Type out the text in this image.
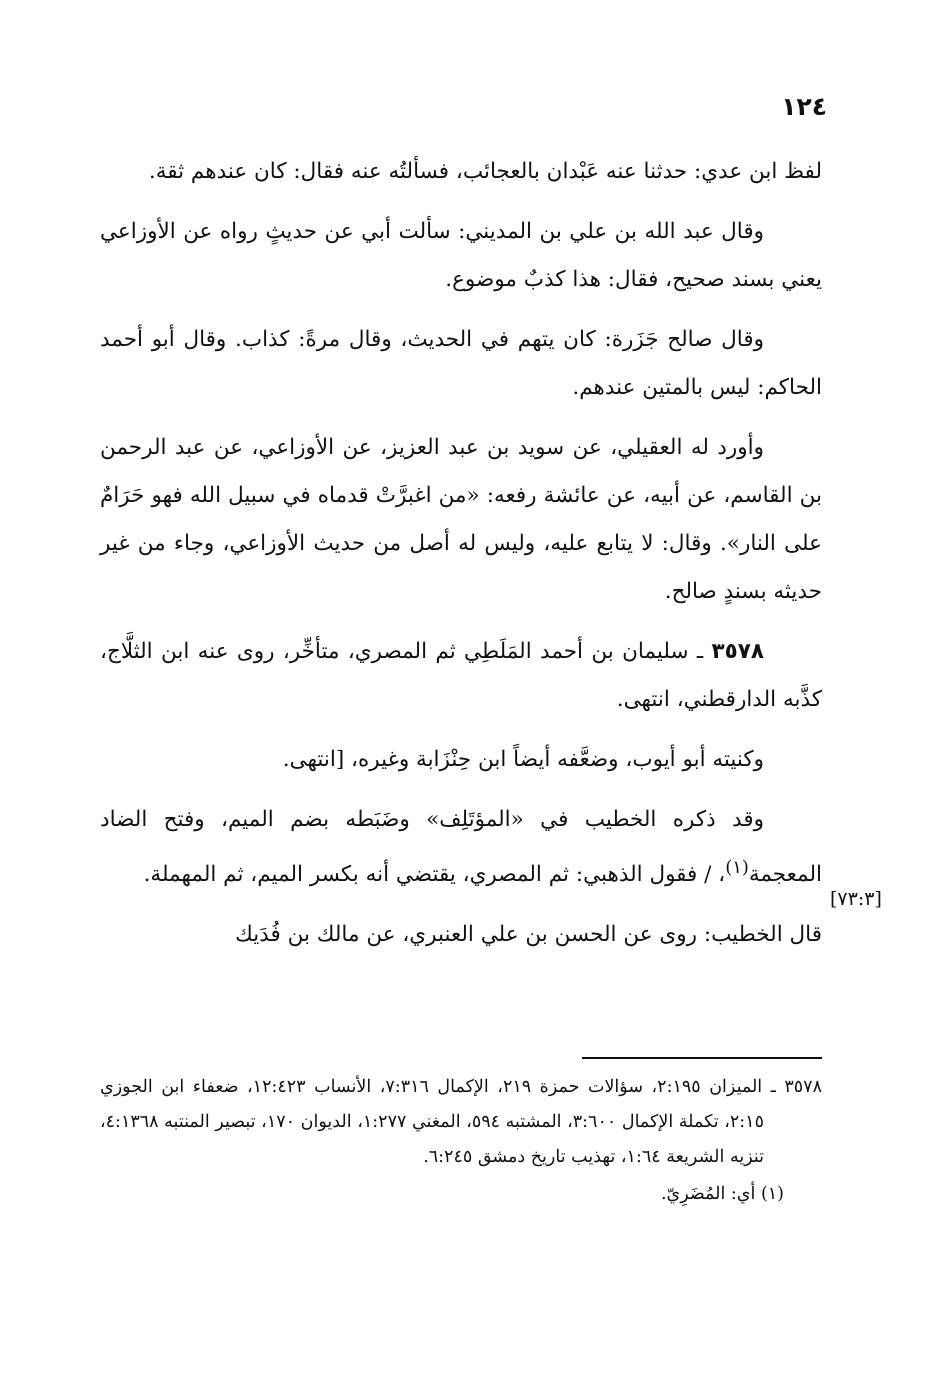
١٢٤

لفظ ابن عدي: حدثنا عنه عَبْدان بالعجائب، فسألتُه عنه فقال: كان عندهم ثقة.

وقال عبد الله بن علي بن المديني: سألت أبي عن حديثٍ رواه عن الأوزاعي يعني بسند صحيح، فقال: هذا كذبٌ موضوع.

وقال صالح جَزَرة: كان يتهم في الحديث، وقال مرةً: كذاب. وقال أبو أحمد الحاكم: ليس بالمتين عندهم.

وأورد له العقيلي، عن سويد بن عبد العزيز، عن الأوزاعي، عن عبد الرحمن بن القاسم، عن أبيه، عن عائشة رفعه: «من اغبرَّتْ قدماه في سبيل الله فهو حَرَامٌ على النار». وقال: لا يتابع عليه، وليس له أصل من حديث الأوزاعي، وجاء من غير حديثه بسندٍ صالح.

٣٥٧٨ ـ سليمان بن أحمد المَلَطِي ثم المصري، متأخِّر، روى عنه ابن الثلَّاج، كذَّبه الدارقطني، انتهى.

وكنيته أبو أيوب، وضعَّفه أيضاً ابن حِنْزَابة وغيره، [انتهى.

وقد ذكره الخطيب في «المؤتَلِف» وضَبَطه بضم الميم، وفتح الضاد المعجمة$^{(١)}$، / فقول الذهبي: ثم المصري، يقتضي أنه بكسر الميم، ثم المهملة.

قال الخطيب: روى عن الحسن بن علي العنبري، عن مالك بن فُدَيك

[٧٣:٣]

٣٥٧٨ ـ الميزان ٢:١٩٥، سؤالات حمزة ٢١٩، الإكمال ٧:٣١٦، الأنساب ١٢:٤٢٣، ضعفاء ابن الجوزي ٢:١٥، تكملة الإكمال ٣:٦٠٠، المشتبه ٥٩٤، المغني ١:٢٧٧، الديوان ١٧٠، تبصير المنتبه ٤:١٣٦٨، تنزيه الشريعة ١:٦٤، تهذيب تاريخ دمشق ٦:٢٤٥.

(١) أي: المُضَرِيّ.
